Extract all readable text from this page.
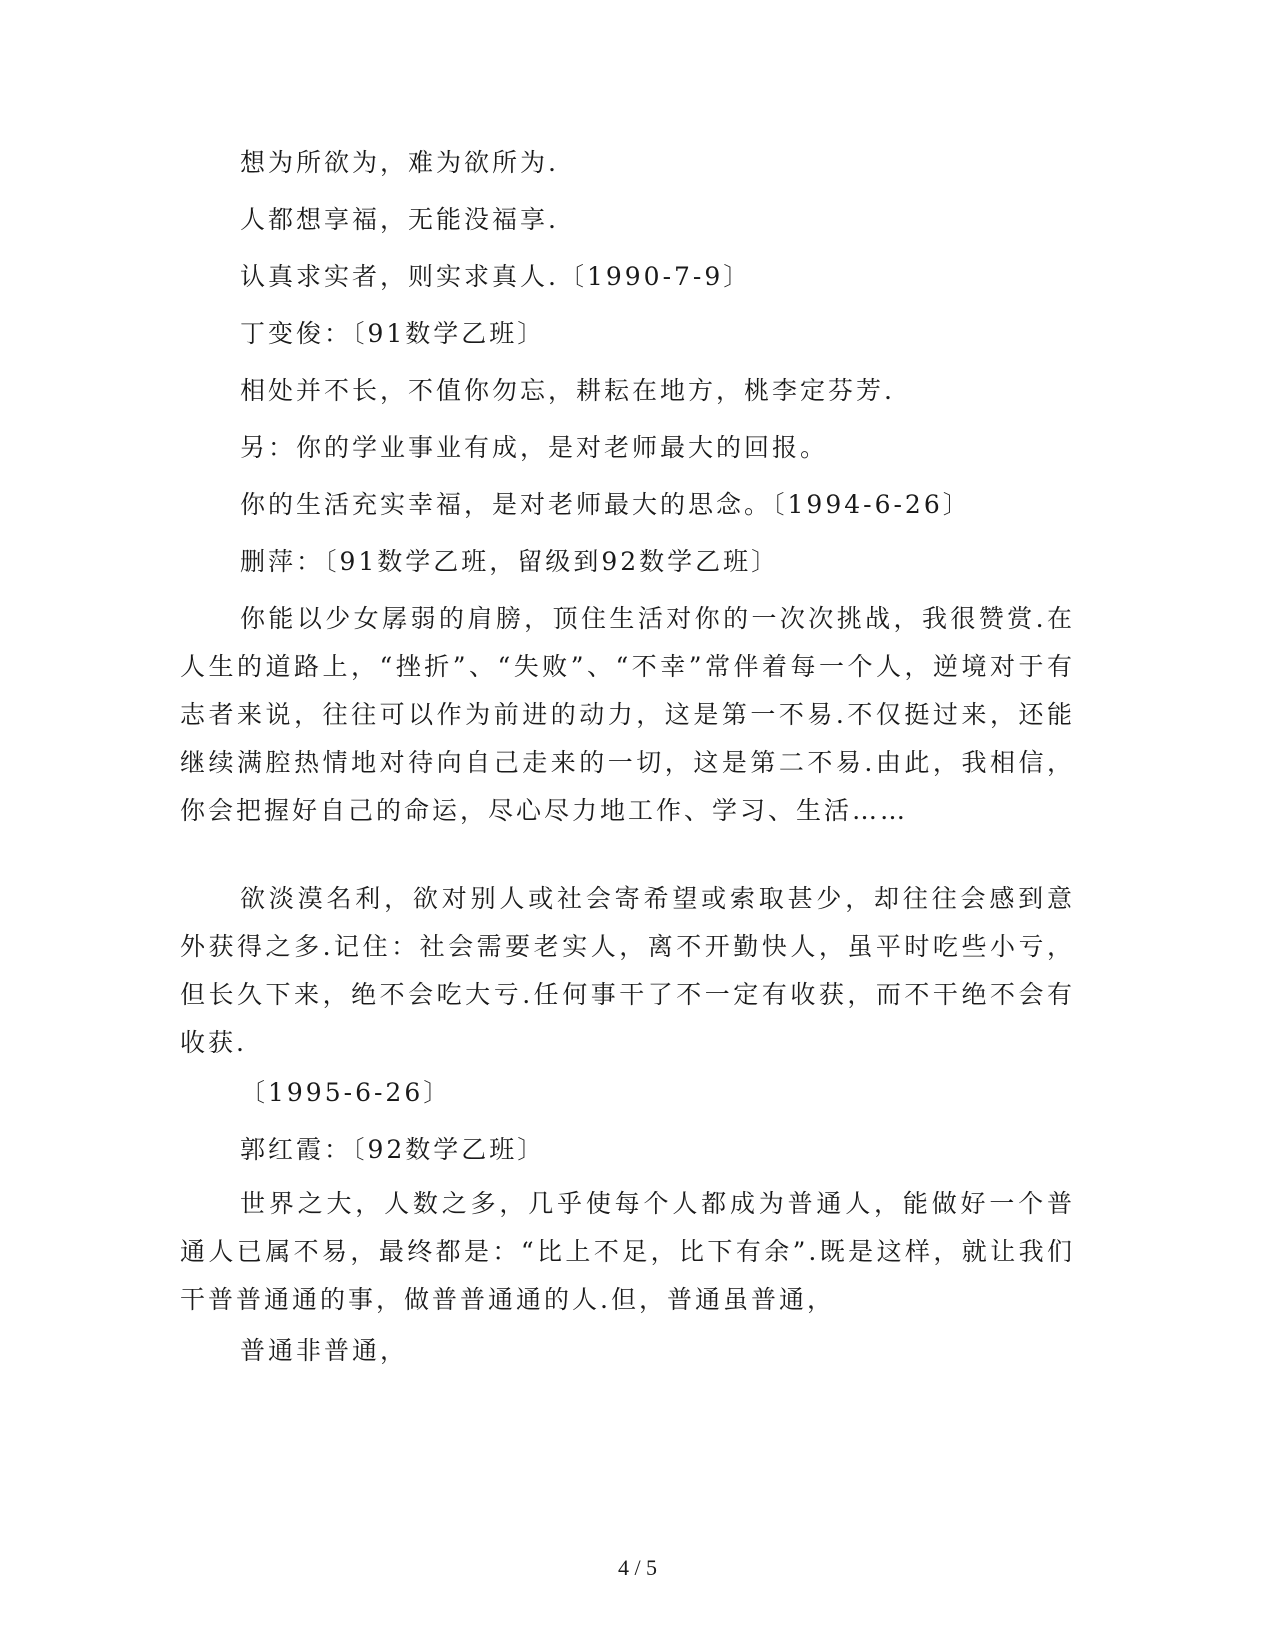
想为所欲为，难为欲所为.
人都想享福，无能没福享.
认真求实者，则实求真人.〔1990-7-9〕
丁变俊：〔91数学乙班〕
相处并不长，不值你勿忘，耕耘在地方，桃李定芬芳.
另：你的学业事业有成，是对老师最大的回报。
你的生活充实幸福，是对老师最大的思念。〔1994-6-26〕
删萍：〔91数学乙班，留级到92数学乙班〕
你能以少女孱弱的肩膀，顶住生活对你的一次次挑战，我很赞赏.在人生的道路上，“挫折”、“失败”、“不幸”常伴着每一个人，逆境对于有志者来说，往往可以作为前进的动力，这是第一不易.不仅挺过来，还能继续满腔热情地对待向自己走来的一切，这是第二不易.由此，我相信，你会把握好自己的命运，尽心尽力地工作、学习、生活……
欲淡漠名利，欲对别人或社会寄希望或索取甚少，却往往会感到意外获得之多.记住：社会需要老实人，离不开勤快人，虽平时吃些小亏，但长久下来，绝不会吃大亏.任何事干了不一定有收获，而不干绝不会有收获.
〔1995-6-26〕
郭红霞：〔92数学乙班〕
世界之大，人数之多，几乎使每个人都成为普通人，能做好一个普通人已属不易，最终都是：“比上不足，比下有余”.既是这样，就让我们干普普通通的事，做普普通通的人.但，普通虽普通，
普通非普通，
4 / 5
